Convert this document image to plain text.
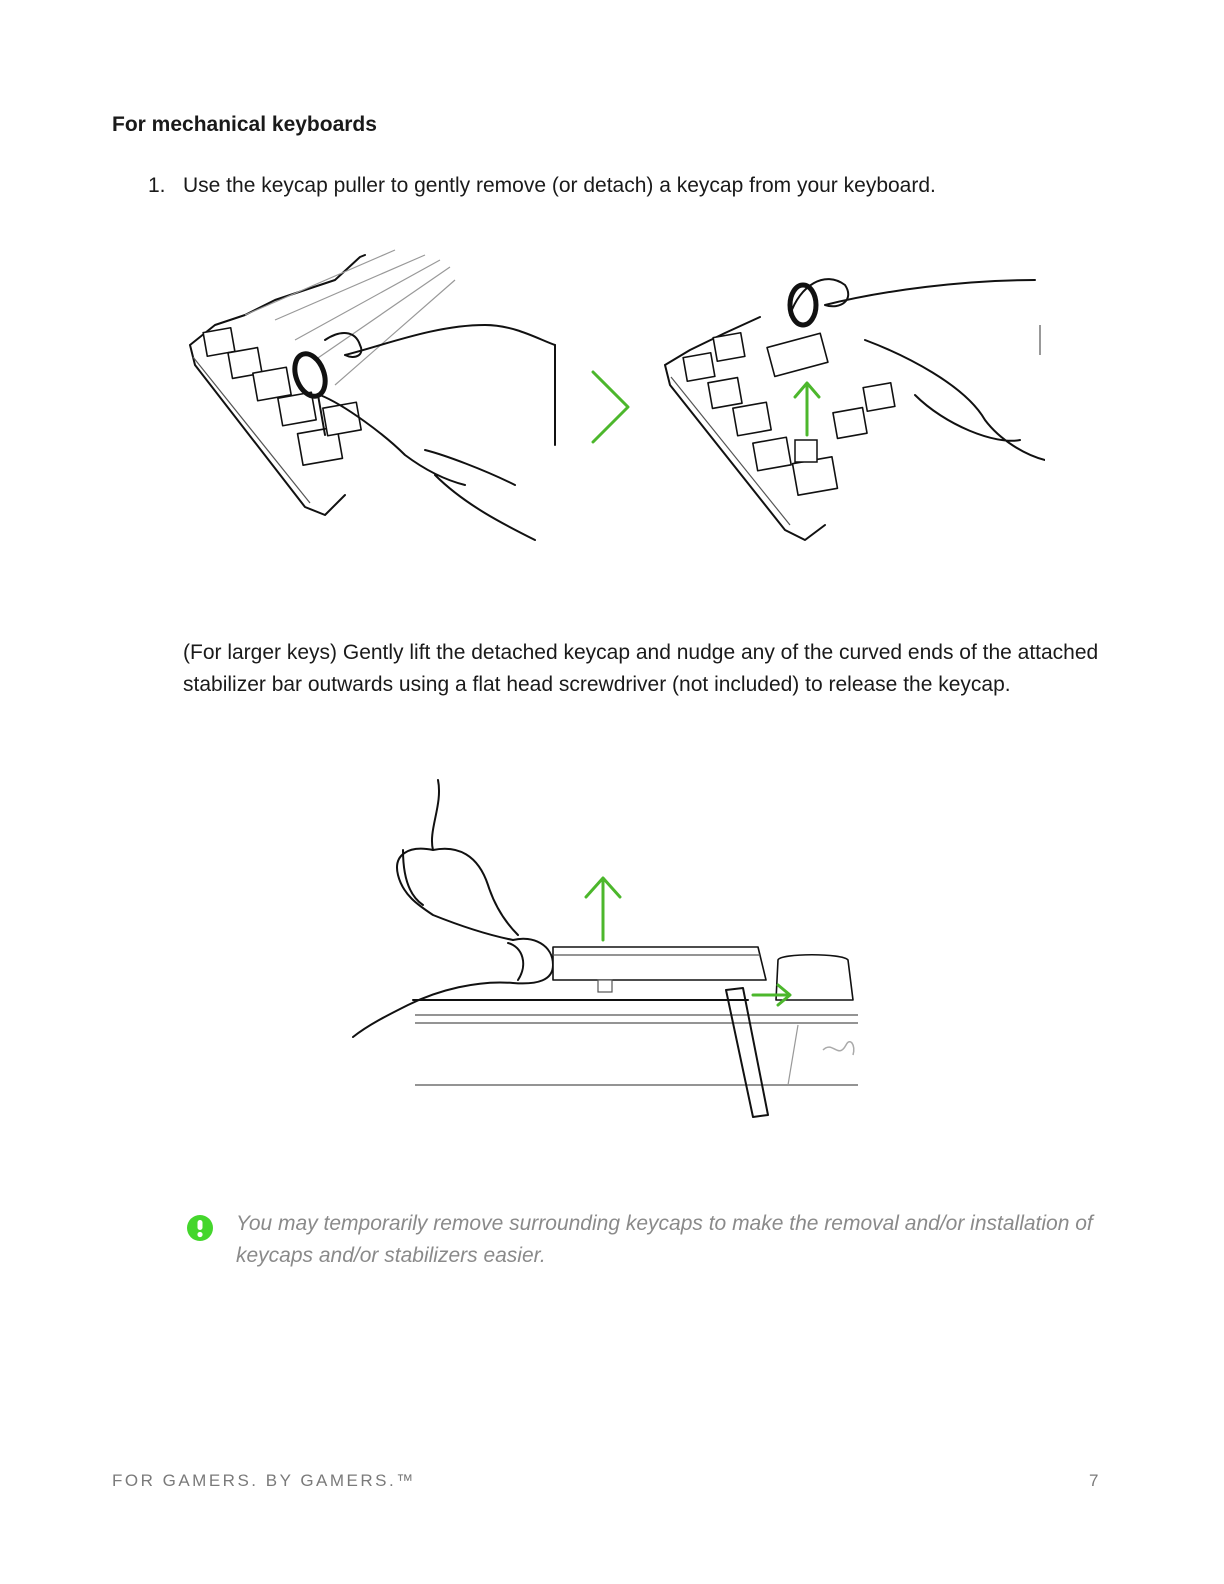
For mechanical keyboards
1. Use the keycap puller to gently remove (or detach) a keycap from your keyboard.

(For larger keys) Gently lift the detached keycap and nudge any of the curved ends of the attached stabilizer bar outwards using a flat head screwdriver (not included) to release the keycap.

You may temporarily remove surrounding keycaps to make the removal and/or installation of keycaps and/or stabilizers easier.
FOR GAMERS. BY GAMERS.™	7
